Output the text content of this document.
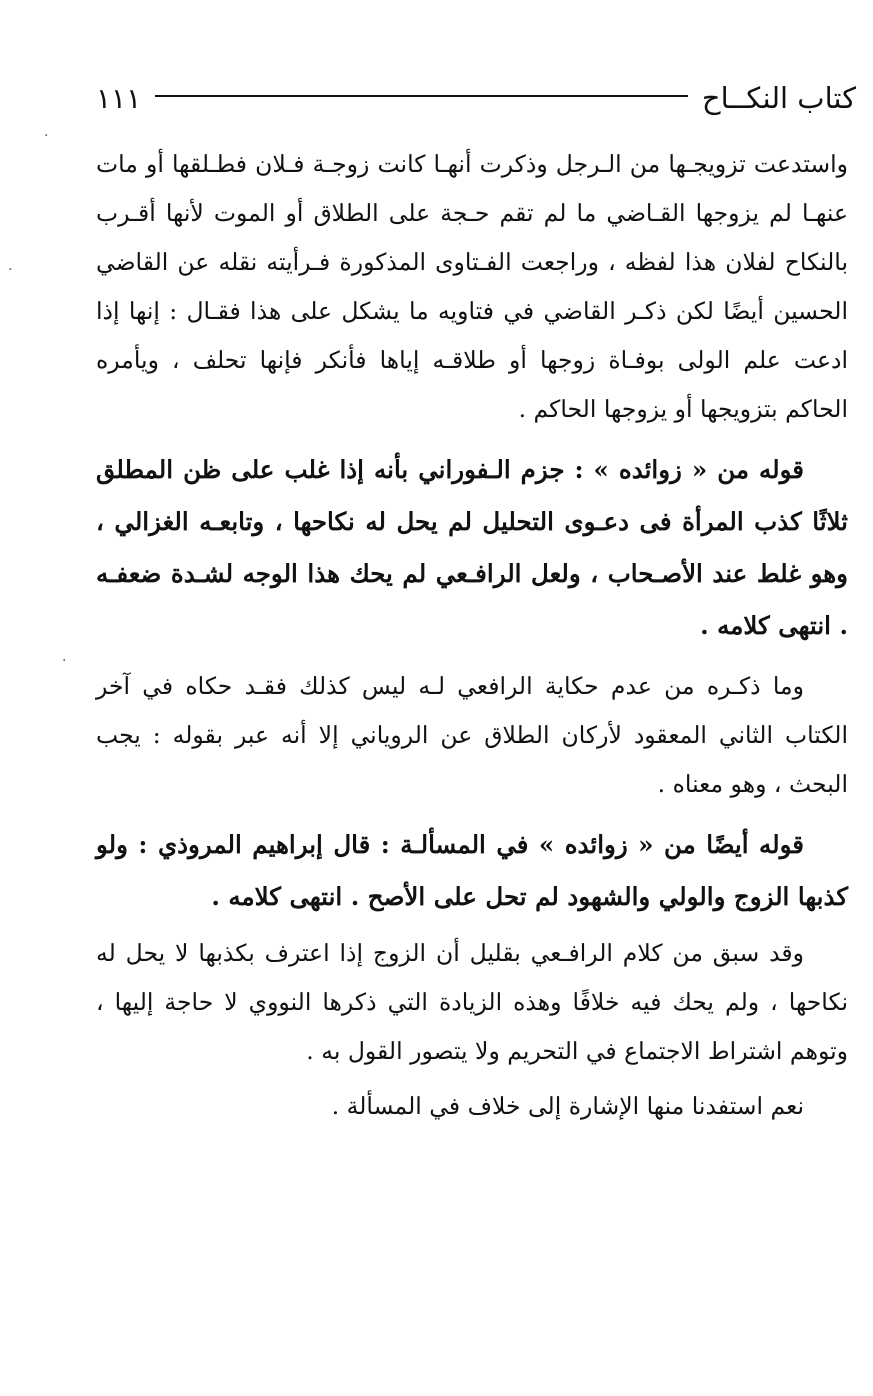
كتاب النكــاح
١١١

واستدعت تزويجـها من الـرجل وذكرت أنهـا كانت زوجـة فـلان فطـلقها أو مات عنهـا لم يزوجها القـاضي ما لم تقم حـجة على الطلاق أو الموت لأنها أقـرب بالنكاح لفلان هذا لفظه ، وراجعت الفـتاوى المذكورة فـرأيته نقله عن القاضي الحسين أيضًا لكن ذكـر القاضي في فتاويه ما يشكل على هذا فقـال : إنها إذا ادعت علم الولى بوفـاة زوجها أو طلاقـه إياها فأنكر فإنها تحلف ، ويأمره الحاكم بتزويجها أو يزوجها الحاكم .

قوله من « زوائده » : جزم الـفوراني بأنه إذا غلب على ظن المطلق ثلاثًا كذب المرأة فى دعـوى التحليل لم يحل له نكاحها ، وتابعـه الغزالي ، وهو غلط عند الأصـحاب ، ولعل الرافـعي لم يحك هذا الوجه لشـدة ضعفـه . انتهى كلامه .

وما ذكـره من عدم حكاية الرافعي لـه ليس كذلك فقـد حكاه في آخر الكتاب الثاني المعقود لأركان الطلاق عن الروياني إلا أنه عبر بقوله : يجب البحث ، وهو معناه .

قوله أيضًا من « زوائده » في المسألـة : قال إبراهيم المروذي : ولو كذبها الزوج والولي والشهود لم تحل على الأصح . انتهى كلامه .

وقد سبق من كلام الرافـعي بقليل أن الزوج إذا اعترف بكذبها لا يحل له نكاحها ، ولم يحك فيه خلافًا وهذه الزيادة التي ذكرها النووي لا حاجة إليها ، وتوهم اشتراط الاجتماع في التحريم ولا يتصور القول به .

نعم استفدنا منها الإشارة إلى خلاف في المسألة .

·
·
·
